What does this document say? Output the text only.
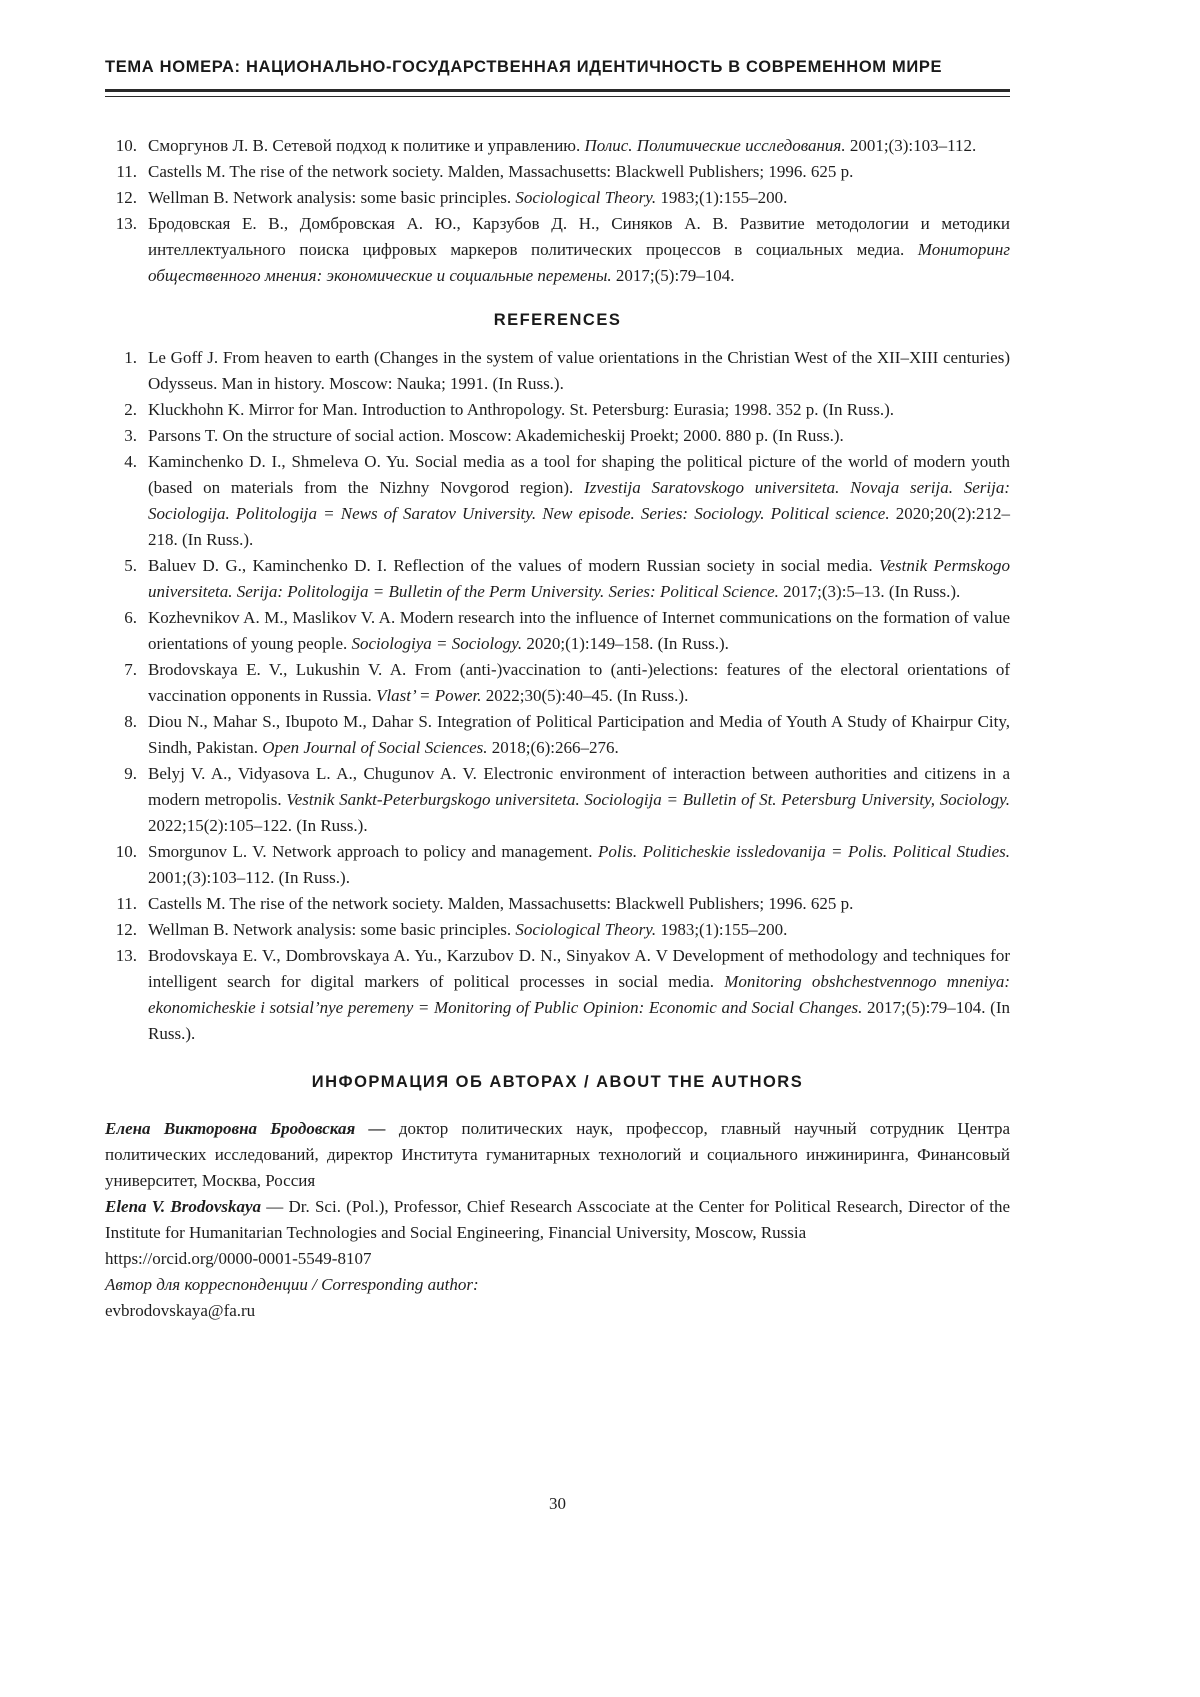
ТЕМА НОМЕРА: НАЦИОНАЛЬНО-ГОСУДАРСТВЕННАЯ ИДЕНТИЧНОСТЬ В СОВРЕМЕННОМ МИРЕ
10. Сморгунов Л. В. Сетевой подход к политике и управлению. Полис. Политические исследования. 2001;(3):103–112.
11. Castells M. The rise of the network society. Malden, Massachusetts: Blackwell Publishers; 1996. 625 p.
12. Wellman B. Network analysis: some basic principles. Sociological Theory. 1983;(1):155–200.
13. Бродовская Е. В., Домбровская А. Ю., Карзубов Д. Н., Синяков А. В. Развитие методологии и методики интеллектуального поиска цифровых маркеров политических процессов в социальных медиа. Мониторинг общественного мнения: экономические и социальные перемены. 2017;(5):79–104.
REFERENCES
1. Le Goff J. From heaven to earth (Changes in the system of value orientations in the Christian West of the XII–XIII centuries) Odysseus. Man in history. Moscow: Nauka; 1991. (In Russ.).
2. Kluckhohn K. Mirror for Man. Introduction to Anthropology. St. Petersburg: Eurasia; 1998. 352 p. (In Russ.).
3. Parsons T. On the structure of social action. Moscow: Akademicheskij Proekt; 2000. 880 p. (In Russ.).
4. Kaminchenko D. I., Shmeleva O. Yu. Social media as a tool for shaping the political picture of the world of modern youth (based on materials from the Nizhny Novgorod region). Izvestija Saratovskogo universiteta. Novaja serija. Serija: Sociologija. Politologija = News of Saratov University. New episode. Series: Sociology. Political science. 2020;20(2):212–218. (In Russ.).
5. Baluev D. G., Kaminchenko D. I. Reflection of the values of modern Russian society in social media. Vestnik Permskogo universiteta. Serija: Politologija = Bulletin of the Perm University. Series: Political Science. 2017;(3):5–13. (In Russ.).
6. Kozhevnikov A. M., Maslikov V. A. Modern research into the influence of Internet communications on the formation of value orientations of young people. Sociologiya = Sociology. 2020;(1):149–158. (In Russ.).
7. Brodovskaya E. V., Lukushin V. A. From (anti-)vaccination to (anti-)elections: features of the electoral orientations of vaccination opponents in Russia. Vlast’ = Power. 2022;30(5):40–45. (In Russ.).
8. Diou N., Mahar S., Ibupoto M., Dahar S. Integration of Political Participation and Media of Youth A Study of Khairpur City, Sindh, Pakistan. Open Journal of Social Sciences. 2018;(6):266–276.
9. Belyj V. A., Vidyasova L. A., Chugunov A. V. Electronic environment of interaction between authorities and citizens in a modern metropolis. Vestnik Sankt-Peterburgskogo universiteta. Sociologija = Bulletin of St. Petersburg University, Sociology. 2022;15(2):105–122. (In Russ.).
10. Smorgunov L. V. Network approach to policy and management. Polis. Politicheskie issledovanija = Polis. Political Studies. 2001;(3):103–112. (In Russ.).
11. Castells M. The rise of the network society. Malden, Massachusetts: Blackwell Publishers; 1996. 625 p.
12. Wellman B. Network analysis: some basic principles. Sociological Theory. 1983;(1):155–200.
13. Brodovskaya E. V., Dombrovskaya A. Yu., Karzubov D. N., Sinyakov A. V Development of methodology and techniques for intelligent search for digital markers of political processes in social media. Monitoring obshchestvennogo mneniya: ekonomicheskie i sotsial’nye peremeny = Monitoring of Public Opinion: Economic and Social Changes. 2017;(5):79–104. (In Russ.).
ИНФОРМАЦИЯ ОБ АВТОРАХ / ABOUT THE AUTHORS

Елена Викторовна Бродовская — доктор политических наук, профессор, главный научный сотрудник Центра политических исследований, директор Института гуманитарных технологий и социального инжиниринга, Финансовый университет, Москва, Россия

Elena V. Brodovskaya — Dr. Sci. (Pol.), Professor, Chief Research Asscociate at the Center for Political Research, Director of the Institute for Humanitarian Technologies and Social Engineering, Financial University, Moscow, Russia

https://orcid.org/0000-0001-5549-8107

Автор для корреспонденции / Corresponding author:

evbrodovskaya@fa.ru

30
